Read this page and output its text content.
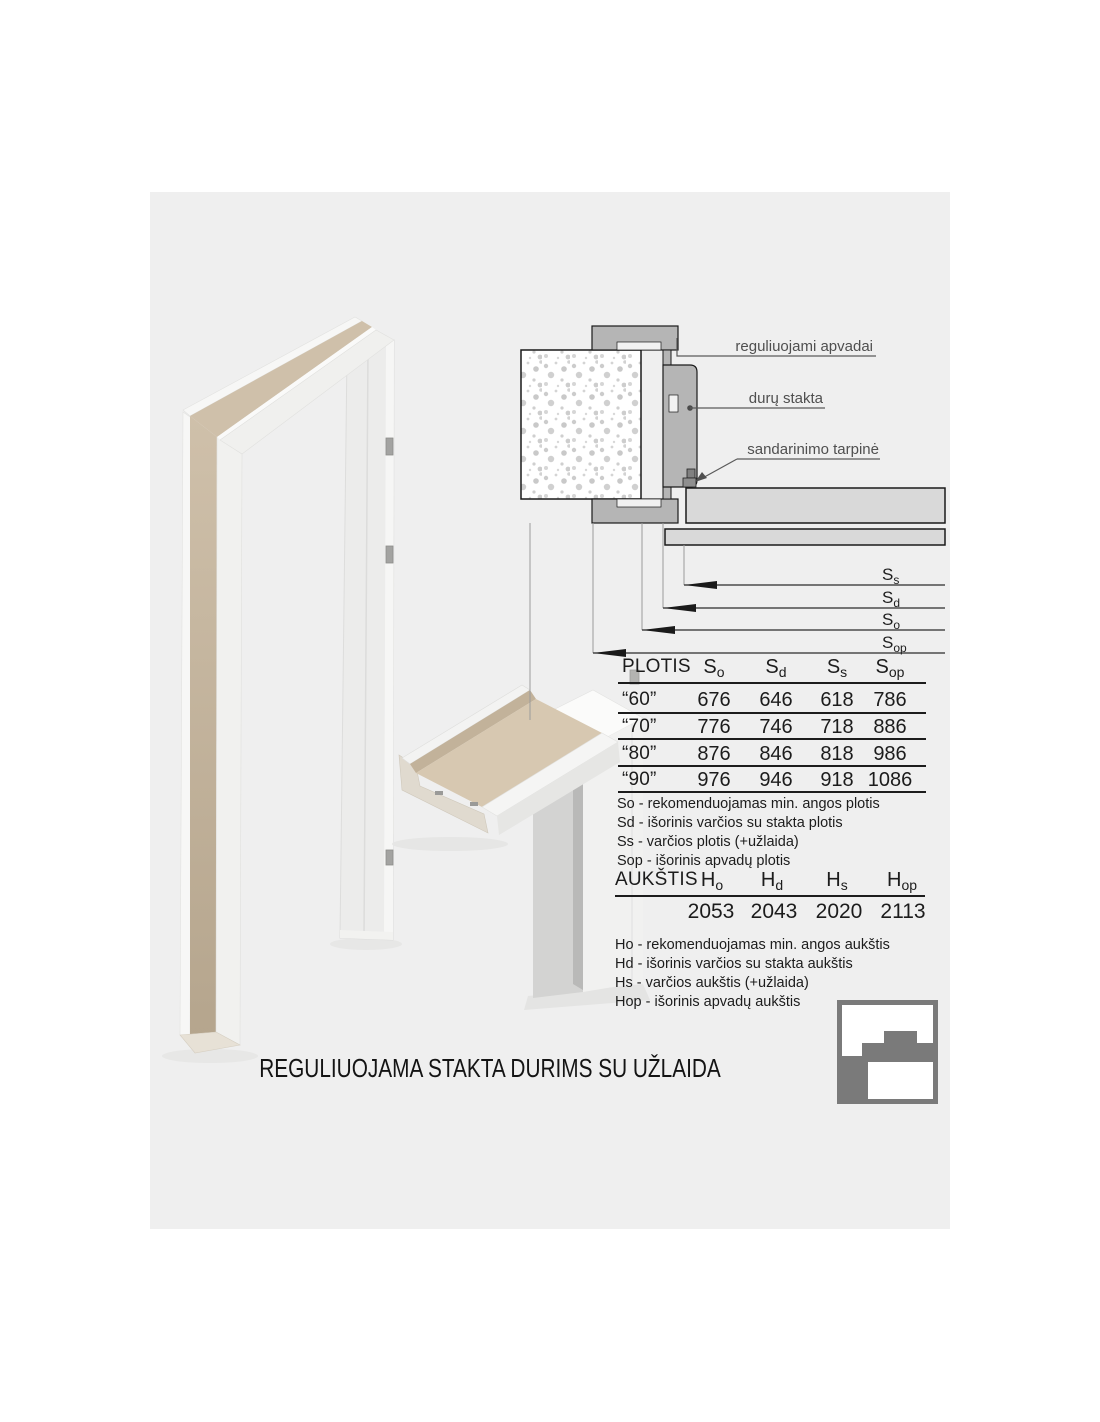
reguliuojami apvadai
durų stakta
sandarinimo tarpinė
$S_s$
$S_d$
$S_o$
$S_{op}$
PLOTIS $S_o$	$S_d$	$S_s$	$S_{op}$
“60”	676	646	618 786
“70”	776	746	718 886
“80”	876	846	818 986
“90”	976	946	918 1086
So - rekomenduojamas min. angos plotis
Sd - išorinis varčios su stakta plotis
Ss - varčios plotis (+užlaida)
Sop - išorinis apvadų plotis
AUKŠTIS $H_o$	$H_d$	$H_s$	$H_{op}$
2053 2043 2020 2113
Ho - rekomenduojamas min. angos aukštis
Hd - išorinis varčios su stakta aukštis
Hs - varčios aukštis (+užlaida)
Hop - išorinis apvadų aukštis
REGULIUOJAMA STAKTA DURIMS SU UŽLAIDA
